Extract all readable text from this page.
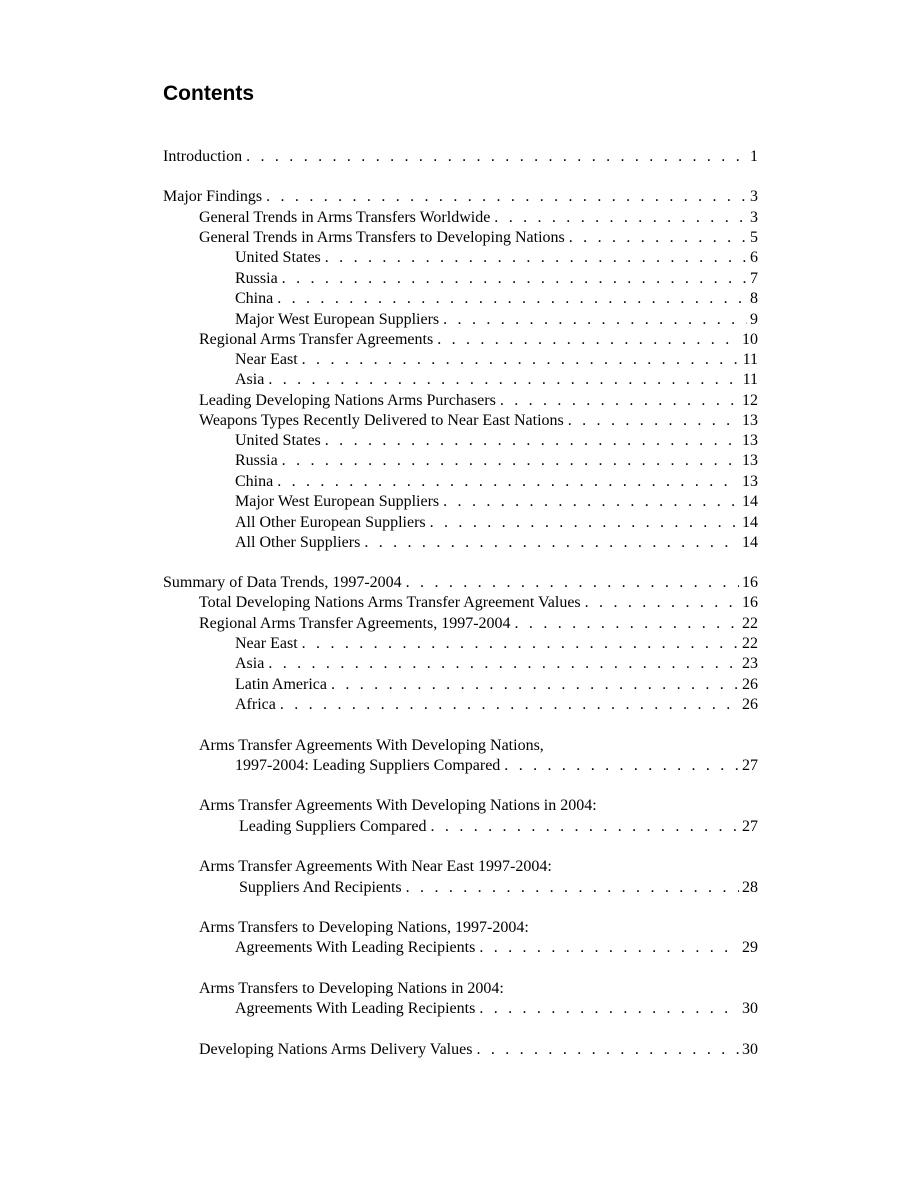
Contents
Introduction . . .	1
Major Findings . . .	3
General Trends in Arms Transfers Worldwide . . .	3
General Trends in Arms Transfers to Developing Nations . . .	5
United States . . .	6
Russia . . .	7
China . . .	8
Major West European Suppliers . . .	9
Regional Arms Transfer Agreements . . .	10
Near East . . .	11
Asia . . .	11
Leading Developing Nations Arms Purchasers . . .	12
Weapons Types Recently Delivered to Near East Nations . . .	13
United States . . .	13
Russia . . .	13
China . . .	13
Major West European Suppliers . . .	14
All Other European Suppliers . . .	14
All Other Suppliers . . .	14
Summary of Data Trends, 1997-2004 . . .	16
Total Developing Nations Arms Transfer Agreement Values . . .	16
Regional Arms Transfer Agreements, 1997-2004 . . .	22
Near East . . .	22
Asia . . .	23
Latin America . . .	26
Africa . . .	26
Arms Transfer Agreements With Developing Nations,
1997-2004: Leading Suppliers Compared . . .	27
Arms Transfer Agreements With Developing Nations in 2004:
Leading Suppliers Compared . . .	27
Arms Transfer Agreements With Near East 1997-2004:
Suppliers And Recipients . . .	28
Arms Transfers to Developing Nations, 1997-2004:
Agreements With Leading Recipients . . .	29
Arms Transfers to Developing Nations in 2004:
Agreements With Leading Recipients . . .	30
Developing Nations Arms Delivery Values . . .	30
